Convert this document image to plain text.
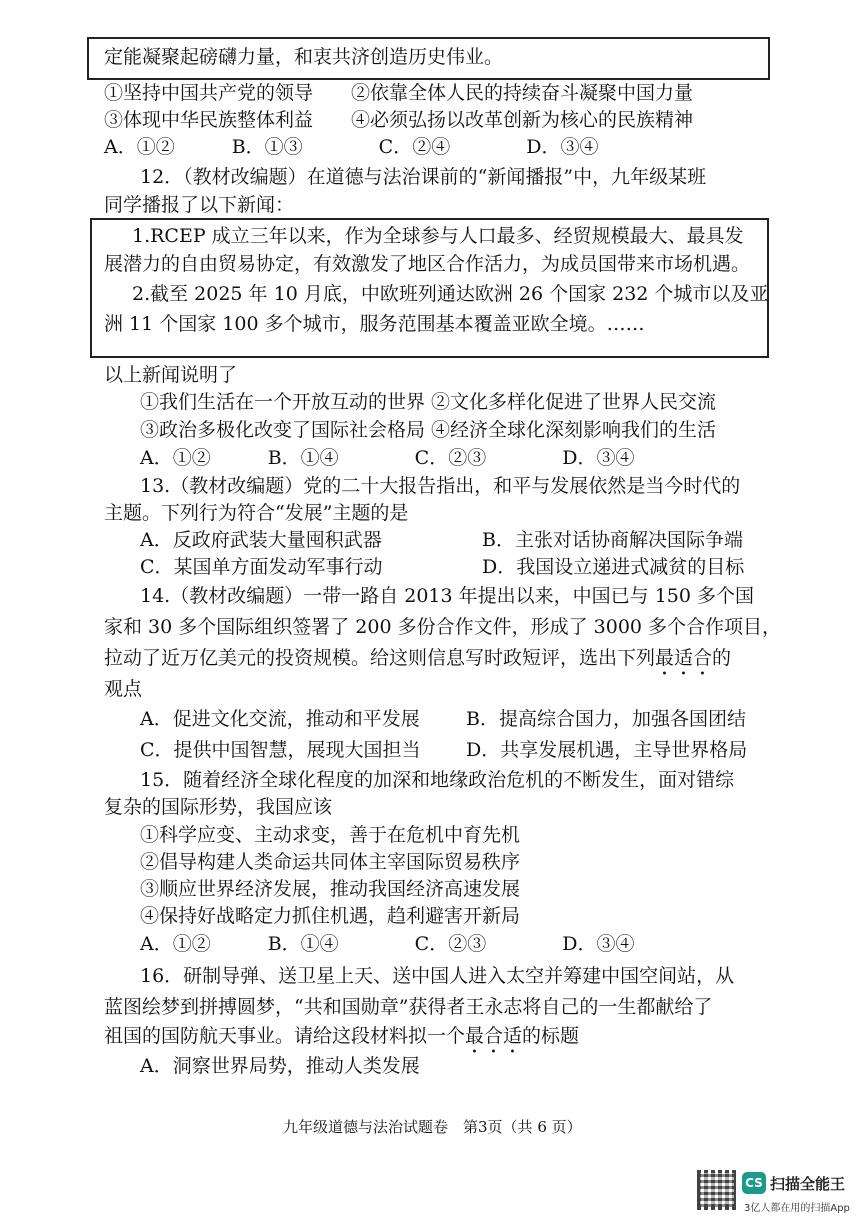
定能凝聚起磅礴力量，和衷共济创造历史伟业。
①坚持中国共产党的领导　　②依靠全体人民的持续奋斗凝聚中国力量
③体现中华民族整体利益　　④必须弘扬以改革创新为核心的民族精神
A．①②　　　B．①③　　　　C．②④　　　　D．③④
12．（教材改编题）在道德与法治课前的“新闻播报”中，九年级某班
同学播报了以下新闻：
1.RCEP 成立三年以来，作为全球参与人口最多、经贸规模最大、最具发
展潜力的自由贸易协定，有效激发了地区合作活力，为成员国带来市场机遇。
2.截至 2025 年 10 月底，中欧班列通达欧洲 26 个国家 232 个城市以及亚
洲 11 个国家 100 多个城市，服务范围基本覆盖亚欧全境。……
以上新闻说明了
①我们生活在一个开放互动的世界 ②文化多样化促进了世界人民交流
③政治多极化改变了国际社会格局 ④经济全球化深刻影响我们的生活
A．①②　　　B．①④　　　　C．②③　　　　D．③④
13.（教材改编题）党的二十大报告指出，和平与发展依然是当今时代的
主题。下列行为符合“发展”主题的是
A．反政府武装大量囤积武器	B．主张对话协商解决国际争端
C．某国单方面发动军事行动	D．我国设立递进式减贫的目标
14.（教材改编题）一带一路自 2013 年提出以来，中国已与 150 多个国
家和 30 多个国际组织签署了 200 多份合作文件，形成了 3000 多个合作项目，
拉动了近万亿美元的投资规模。给这则信息写时政短评，选出下列最适合的
观点
A．促进文化交流，推动和平发展 B．提高综合国力，加强各国团结
C．提供中国智慧，展现大国担当 D．共享发展机遇，主导世界格局
15．随着经济全球化程度的加深和地缘政治危机的不断发生，面对错综
复杂的国际形势，我国应该
①科学应变、主动求变，善于在危机中育先机
②倡导构建人类命运共同体主宰国际贸易秩序
③顺应世界经济发展，推动我国经济高速发展
④保持好战略定力抓住机遇，趋利避害开新局
A．①②　　　B．①④　　　　C．②③　　　　D．③④
16．研制导弹、送卫星上天、送中国人进入太空并筹建中国空间站，从
蓝图绘梦到拼搏圆梦，“共和国勋章”获得者王永志将自己的一生都献给了
祖国的国防航天事业。请给这段材料拟一个最合适的标题
A．洞察世界局势，推动人类发展
九年级道德与法治试题卷　第3页（共 6 页）
CS 扫描全能王
3亿人都在用的扫描App
